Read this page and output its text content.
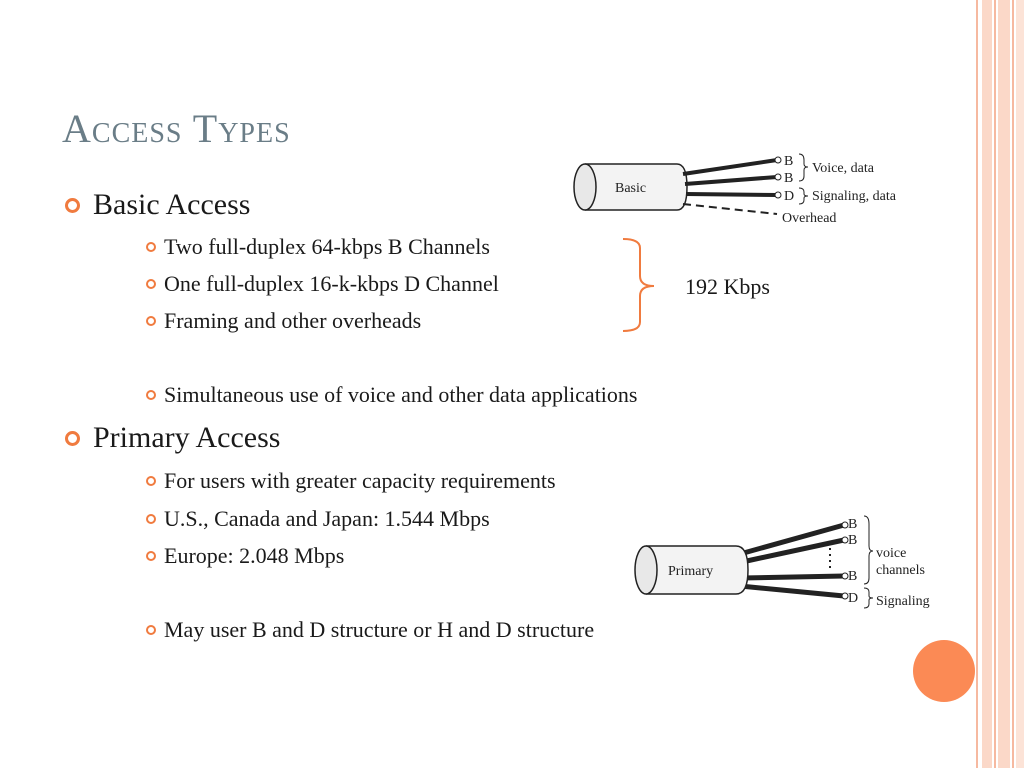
Access Types
Basic Access
Two full-duplex 64-kbps B Channels
One full-duplex 16-k-kbps D Channel
Framing and other overheads
192 Kbps
Simultaneous use of voice and other data applications
Primary Access
For users with greater capacity requirements
U.S., Canada and Japan: 1.544 Mbps
Europe: 2.048 Mbps
May user B and D structure or H and D structure
Basic
B
B
D
Voice, data
Signaling, data
Overhead
Primary
B
B
B
D
voice
channels
Signaling
